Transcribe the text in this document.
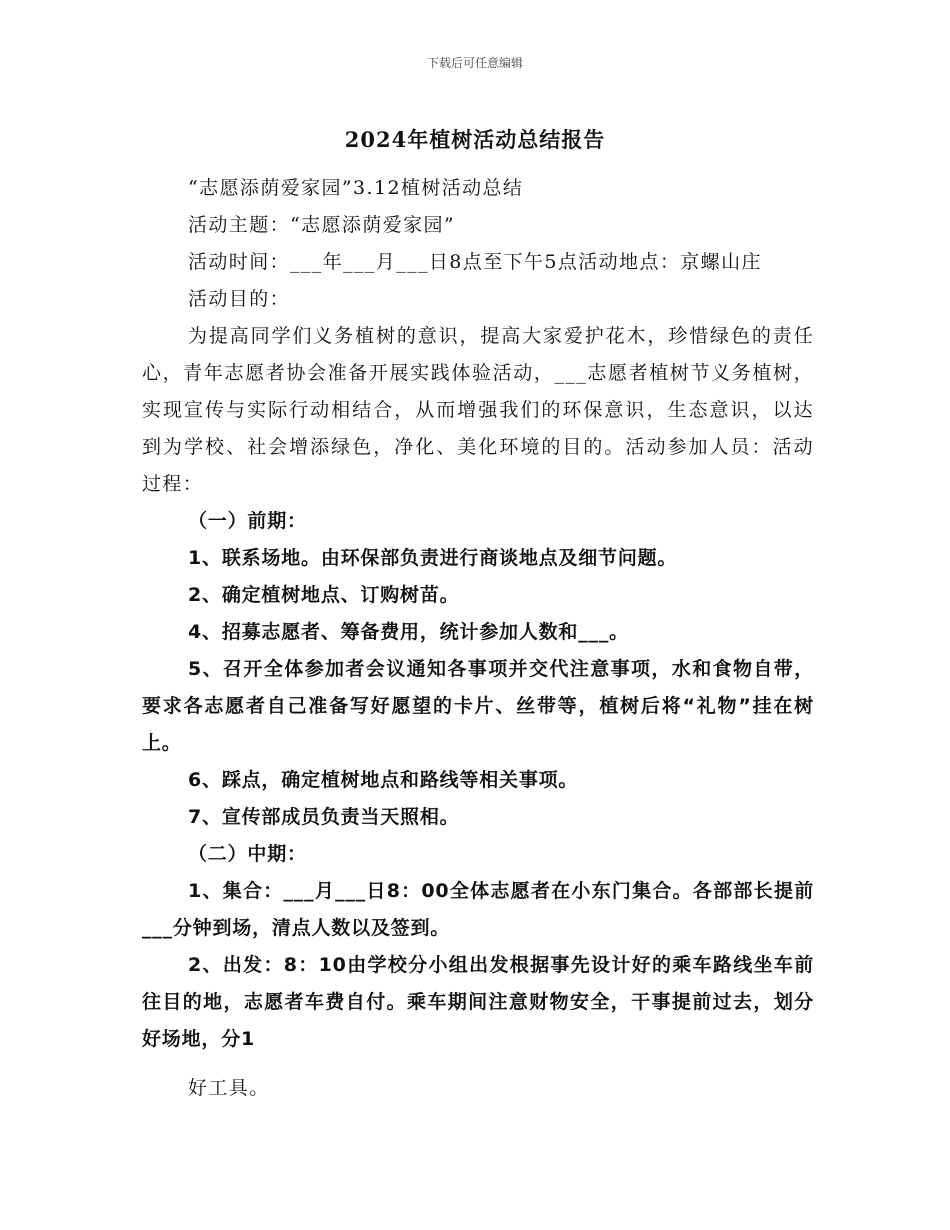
下载后可任意编辑
2024年植树活动总结报告

“志愿添荫爱家园”3.12植树活动总结

活动主题：“志愿添荫爱家园”

活动时间：___年___月___日8点至下午5点活动地点：京螺山庄

活动目的：

为提高同学们义务植树的意识，提高大家爱护花木，珍惜绿色的责任心，青年志愿者协会准备开展实践体验活动，___志愿者植树节义务植树，实现宣传与实际行动相结合，从而增强我们的环保意识，生态意识，以达到为学校、社会增添绿色，净化、美化环境的目的。活动参加人员：活动过程：

（一）前期：

1、联系场地。由环保部负责进行商谈地点及细节问题。

2、确定植树地点、订购树苗。

4、招募志愿者、筹备费用，统计参加人数和___。

5、召开全体参加者会议通知各事项并交代注意事项，水和食物自带，要求各志愿者自己准备写好愿望的卡片、丝带等，植树后将“礼物”挂在树上。

6、踩点，确定植树地点和路线等相关事项。

7、宣传部成员负责当天照相。

（二）中期：

1、集合：___月___日8：00全体志愿者在小东门集合。各部部长提前___分钟到场，清点人数以及签到。

2、出发：8：10由学校分小组出发根据事先设计好的乘车路线坐车前往目的地，志愿者车费自付。乘车期间注意财物安全，干事提前过去，划分好场地，分1

好工具。
